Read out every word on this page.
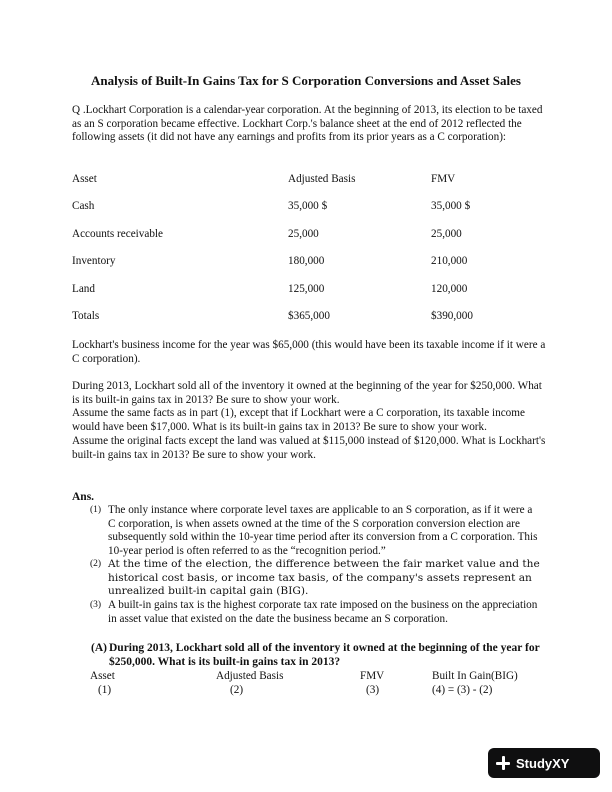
Analysis of Built-In Gains Tax for S Corporation Conversions and Asset Sales

Q .Lockhart Corporation is a calendar-year corporation. At the beginning of 2013, its election to be taxed as an S corporation became effective. Lockhart Corp.'s balance sheet at the end of 2012 reflected the following assets (it did not have any earnings and profits from its prior years as a C corporation):

Asset	Adjusted Basis	FMV
Cash	35,000 $	35,000 $
Accounts receivable	25,000	25,000
Inventory	180,000	210,000
Land	125,000	120,000
Totals	$365,000	$390,000

Lockhart's business income for the year was $65,000 (this would have been its taxable income if it were a C corporation).

During 2013, Lockhart sold all of the inventory it owned at the beginning of the year for $250,000. What is its built-in gains tax in 2013? Be sure to show your work.

Assume the same facts as in part (1), except that if Lockhart were a C corporation, its taxable income would have been $17,000. What is its built-in gains tax in 2013? Be sure to show your work.

Assume the original facts except the land was valued at $115,000 instead of $120,000. What is Lockhart's built-in gains tax in 2013? Be sure to show your work.

Ans.
(1) The only instance where corporate level taxes are applicable to an S corporation, as if it were a C corporation, is when assets owned at the time of the S corporation conversion election are subsequently sold within the 10-year time period after its conversion from a C corporation. This 10-year period is often referred to as the “recognition period.”
(2) At the time of the election, the difference between the fair market value and the historical cost basis, or income tax basis, of the company's assets represent an unrealized built-in capital gain (BIG).
(3) A built-in gains tax is the highest corporate tax rate imposed on the business on the appreciation in asset value that existed on the date the business became an S corporation.
(A) During 2013, Lockhart sold all of the inventory it owned at the beginning of the year for $250,000. What is its built-in gains tax in 2013?
Asset	Adjusted Basis	FMV	Built In Gain(BIG)
(1)	(2)	(3)	(4) = (3) - (2)
StudyXY
